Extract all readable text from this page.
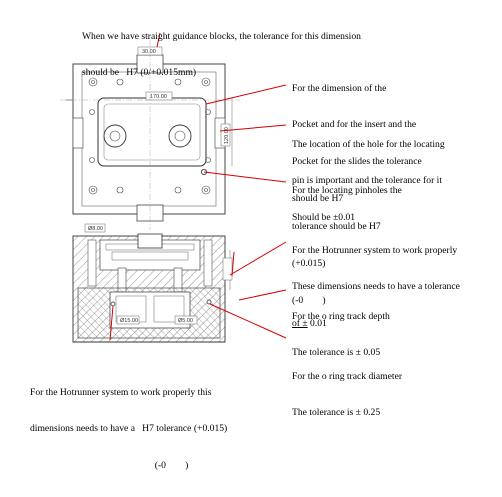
30.00
170.00
120.00
Ø8.00
Ø15.00	Ø5.00

When we have straight guidance blocks, the tolerance for this dimension

should be   H7 (0/+0.015mm)

For the dimension of the

Pocket and for the insert and the

Pocket for the slides the tolerance

should be H7

The location of the hole for the locating

pin is important and the tolerance for it

Should be ±0.01

For the locating pinholes the

tolerance should be H7

(+0.015)

(-0        )

For the Hotrunner system to work properly

These dimensions needs to have a tolerance

of ± 0.01

For the o ring track depth

The tolerance is ± 0.05

For the o ring track diameter

The tolerance is ± 0.25

For the Hotrunner system to work properly this

dimensions needs to have a   H7 tolerance (+0.015)

(-0        )
